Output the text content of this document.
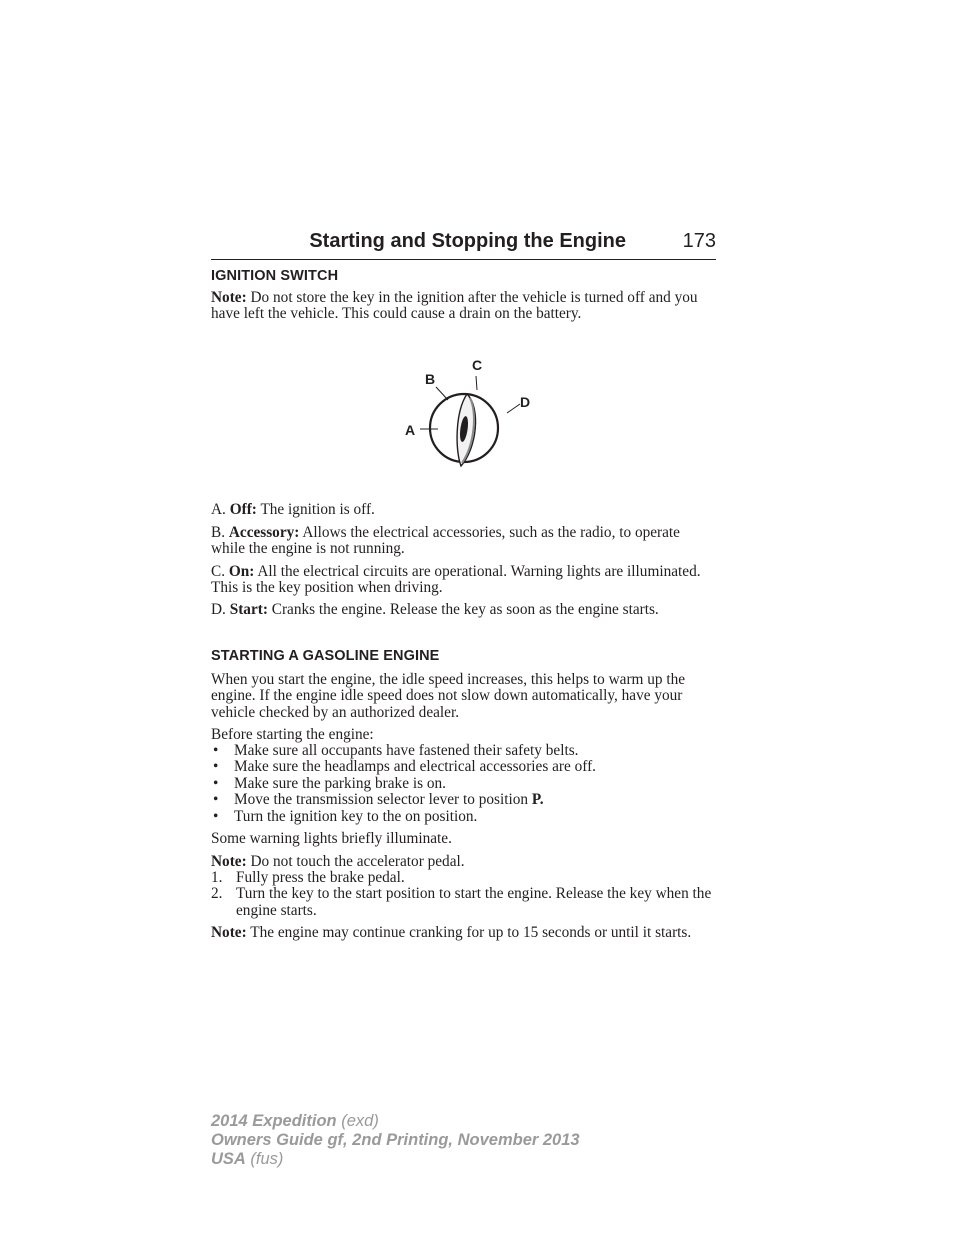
Starting and Stopping the Engine	173
IGNITION SWITCH

Note: Do not store the key in the ignition after the vehicle is turned off and you have left the vehicle. This could cause a drain on the battery.

A
B
C
D

A. Off: The ignition is off.

B. Accessory: Allows the electrical accessories, such as the radio, to operate while the engine is not running.

C. On: All the electrical circuits are operational. Warning lights are illuminated. This is the key position when driving.

D. Start: Cranks the engine. Release the key as soon as the engine starts.

STARTING A GASOLINE ENGINE

When you start the engine, the idle speed increases, this helps to warm up the engine. If the engine idle speed does not slow down automatically, have your vehicle checked by an authorized dealer.

Before starting the engine:

• Make sure all occupants have fastened their safety belts.
• Make sure the headlamps and electrical accessories are off.
• Make sure the parking brake is on.
• Move the transmission selector lever to position P.
• Turn the ignition key to the on position.

Some warning lights briefly illuminate.

Note: Do not touch the accelerator pedal.

1. Fully press the brake pedal.
2. Turn the key to the start position to start the engine. Release the key when the engine starts.

Note: The engine may continue cranking for up to 15 seconds or until it starts.

2014 Expedition (exd)
Owners Guide gf, 2nd Printing, November 2013
USA (fus)
